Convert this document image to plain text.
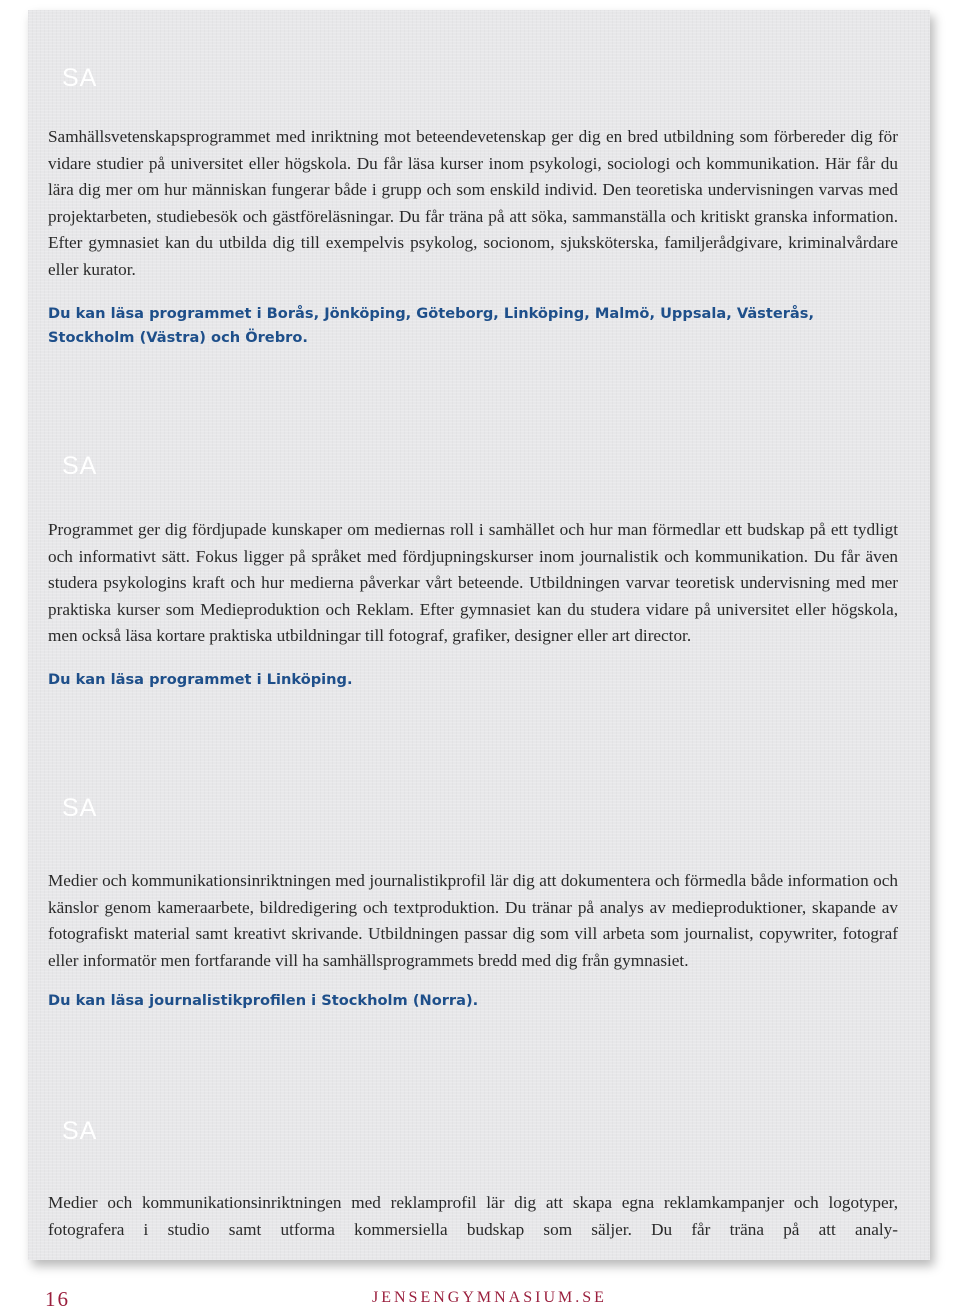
SA

Samhällsvetenskapsprogrammet med inriktning mot beteendevetenskap ger dig en bred utbildning som förbereder dig för vidare studier på universitet eller högskola. Du får läsa kurser inom psykologi, sociologi och kommunikation. Här får du lära dig mer om hur människan fungerar både i grupp och som enskild individ. Den teoretiska undervisningen varvas med projektarbeten, studiebesök och gästföreläsningar. Du får träna på att söka, sammanställa och kritiskt granska information. Efter gymnasiet kan du utbilda dig till exempelvis psykolog, socionom, sjuksköterska, familjerådgivare, kriminalvårdare eller kurator.

Du kan läsa programmet i Borås, Jönköping, Göteborg, Linköping, Malmö, Uppsala, Västerås, Stockholm (Västra) och Örebro.

SA

Programmet ger dig fördjupade kunskaper om mediernas roll i samhället och hur man förmedlar ett budskap på ett tydligt och informativt sätt. Fokus ligger på språket med fördjupningskurser inom journalistik och kommunikation. Du får även studera psykologins kraft och hur medierna påverkar vårt beteende. Utbildningen varvar teoretisk undervisning med mer praktiska kurser som Medieproduktion och Reklam. Efter gymnasiet kan du studera vidare på universitet eller högskola, men också läsa kortare praktiska utbildningar till fotograf, grafiker, designer eller art director.

Du kan läsa programmet i Linköping.

SA

Medier och kommunikationsinriktningen med journalistikprofil lär dig att dokumentera och förmedla både information och känslor genom kameraarbete, bildredigering och textproduktion. Du tränar på analys av medieproduktioner, skapande av fotografiskt material samt kreativt skrivande. Utbildningen passar dig som vill arbeta som journalist, copywriter, fotograf eller informatör men fortfarande vill ha samhällsprogrammets bredd med dig från gymnasiet.

Du kan läsa journalistikprofilen i Stockholm (Norra).

SA

Medier och kommunikationsinriktningen med reklamprofil lär dig att skapa egna reklamkampanjer och logotyper, fotografera i studio samt utforma kommersiella budskap som säljer. Du får träna på att analy-

16	JENSENGYMNASIUM.SE
